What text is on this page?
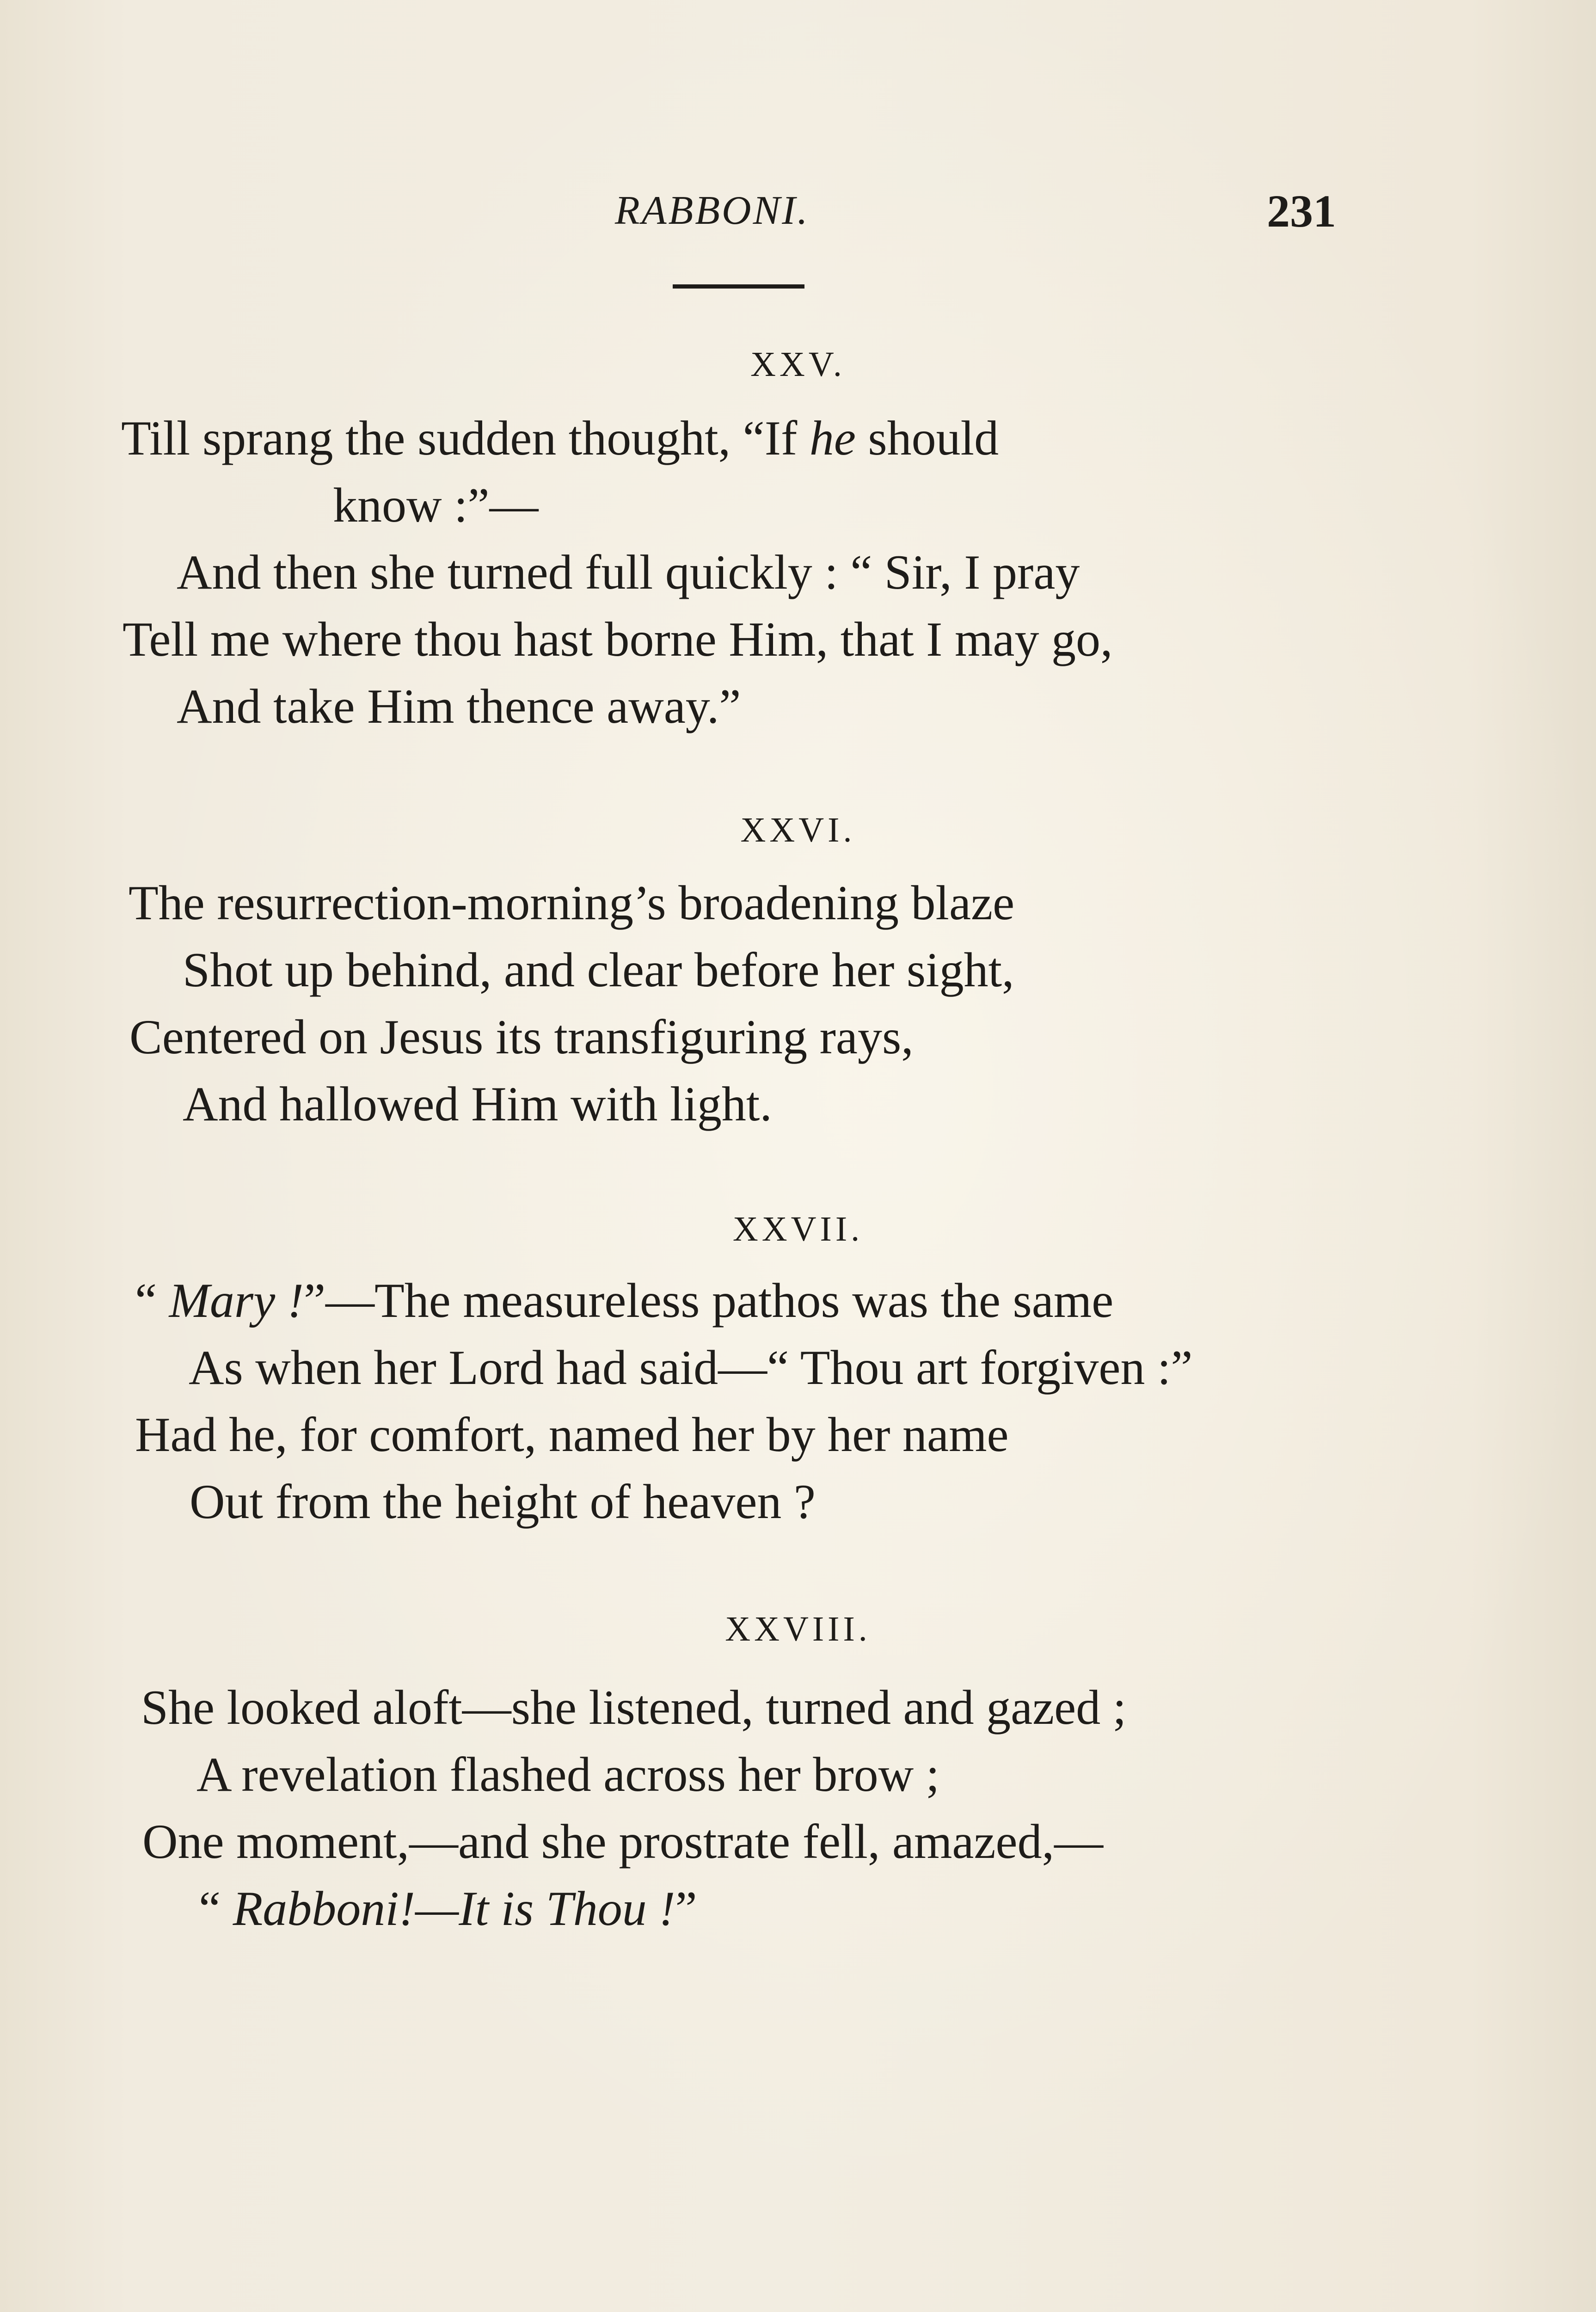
RABBONI.	231
XXV.
Till sprang the sudden thought, “If he should
know :”—
And then she turned full quickly : “ Sir, I pray
Tell me where thou hast borne Him, that I may go,
And take Him thence away.”
XXVI.
The resurrection-morning’s broadening blaze
Shot up behind, and clear before her sight,
Centered on Jesus its transfiguring rays,
And hallowed Him with light.
XXVII.
“ Mary !”—The measureless pathos was the same
As when her Lord had said—“ Thou art forgiven :”
Had he, for comfort, named her by her name
Out from the height of heaven ?
XXVIII.
She looked aloft—she listened, turned and gazed ;
A revelation flashed across her brow ;
One moment,—and she prostrate fell, amazed,—
“ Rabboni!—It is Thou !”
